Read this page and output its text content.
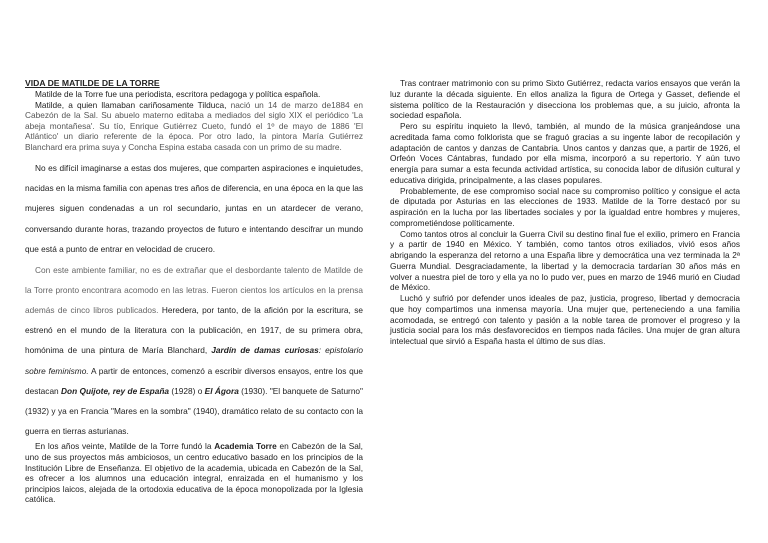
VIDA DE MATILDE DE LA TORRE

Matilde de la Torre fue una periodista, escritora pedagoga y política española.

Matilde, a quien llamaban cariñosamente Tilduca, nació un 14 de marzo de1884 en Cabezón de la Sal. Su abuelo materno editaba a mediados del siglo XIX el periódico 'La abeja montañesa'. Su tío, Enrique Gutiérrez Cueto, fundó el 1º de mayo de 1886 'El Atlántico' un diario referente de la época. Por otro lado, la pintora María Gutiérrez Blanchard era prima suya y Concha Espina estaba casada con un primo de su madre.

No es difícil imaginarse a estas dos mujeres, que comparten aspiraciones e inquietudes, nacidas en la misma familia con apenas tres años de diferencia, en una época en la que las mujeres siguen condenadas a un rol secundario, juntas en un atardecer de verano, conversando durante horas, trazando proyectos de futuro e intentando descifrar un mundo que está a punto de entrar en velocidad de crucero.

Con este ambiente familiar, no es de extrañar que el desbordante talento de Matilde de la Torre pronto encontrara acomodo en las letras. Fueron cientos los artículos en la prensa además de cinco libros publicados. Heredera, por tanto, de la afición por la escritura, se estrenó en el mundo de la literatura con la publicación, en 1917, de su primera obra, homónima de una pintura de María Blanchard, Jardín de damas curiosas: epistolario sobre feminismo. A partir de entonces, comenzó a escribir diversos ensayos, entre los que destacan Don Quijote, rey de España (1928) o El Ágora (1930). "El banquete de Saturno" (1932) y ya en Francia "Mares en la sombra" (1940), dramático relato de su contacto con la guerra en tierras asturianas.

En los años veinte, Matilde de la Torre fundó la Academia Torre en Cabezón de la Sal, uno de sus proyectos más ambiciosos, un centro educativo basado en los principios de la Institución Libre de Enseñanza. El objetivo de la academia, ubicada en Cabezón de la Sal, es ofrecer a los alumnos una educación integral, enraizada en el humanismo y los principios laicos, alejada de la ortodoxia educativa de la época monopolizada por la Iglesia católica.

Tras contraer matrimonio con su primo Sixto Gutiérrez, redacta varios ensayos que verán la luz durante la década siguiente. En ellos analiza la figura de Ortega y Gasset, defiende el sistema político de la Restauración y disecciona los problemas que, a su juicio, afronta la sociedad española.

Pero su espíritu inquieto la llevó, también, al mundo de la música granjeándose una acreditada fama como folklorista que se fraguó gracias a su ingente labor de recopilación y adaptación de cantos y danzas de Cantabria. Unos cantos y danzas que, a partir de 1926, el Orfeón Voces Cántabras, fundado por ella misma, incorporó a su repertorio. Y aún tuvo energía para sumar a esta fecunda actividad artística, su conocida labor de difusión cultural y educativa dirigida, principalmente, a las clases populares.

Probablemente, de ese compromiso social nace su compromiso político y consigue el acta de diputada por Asturias en las elecciones de 1933. Matilde de la Torre destacó por su aspiración en la lucha por las libertades sociales y por la igualdad entre hombres y mujeres, comprometiéndose políticamente.

Como tantos otros al concluir la Guerra Civil su destino final fue el exilio, primero en Francia y a partir de 1940 en México. Y también, como tantos otros exiliados, vivió esos años abrigando la esperanza del retorno a una España libre y democrática una vez terminada la 2ª Guerra Mundial. Desgraciadamente, la libertad y la democracia tardarían 30 años más en volver a nuestra piel de toro y ella ya no lo pudo ver, pues en marzo de 1946 murió en Ciudad de México.

Luchó y sufrió por defender unos ideales de paz, justicia, progreso, libertad y democracia que hoy compartimos una inmensa mayoría. Una mujer que, perteneciendo a una familia acomodada, se entregó con talento y pasión a la noble tarea de promover el progreso y la justicia social para los más desfavorecidos en tiempos nada fáciles. Una mujer de gran altura intelectual que sirvió a España hasta el último de sus días.
